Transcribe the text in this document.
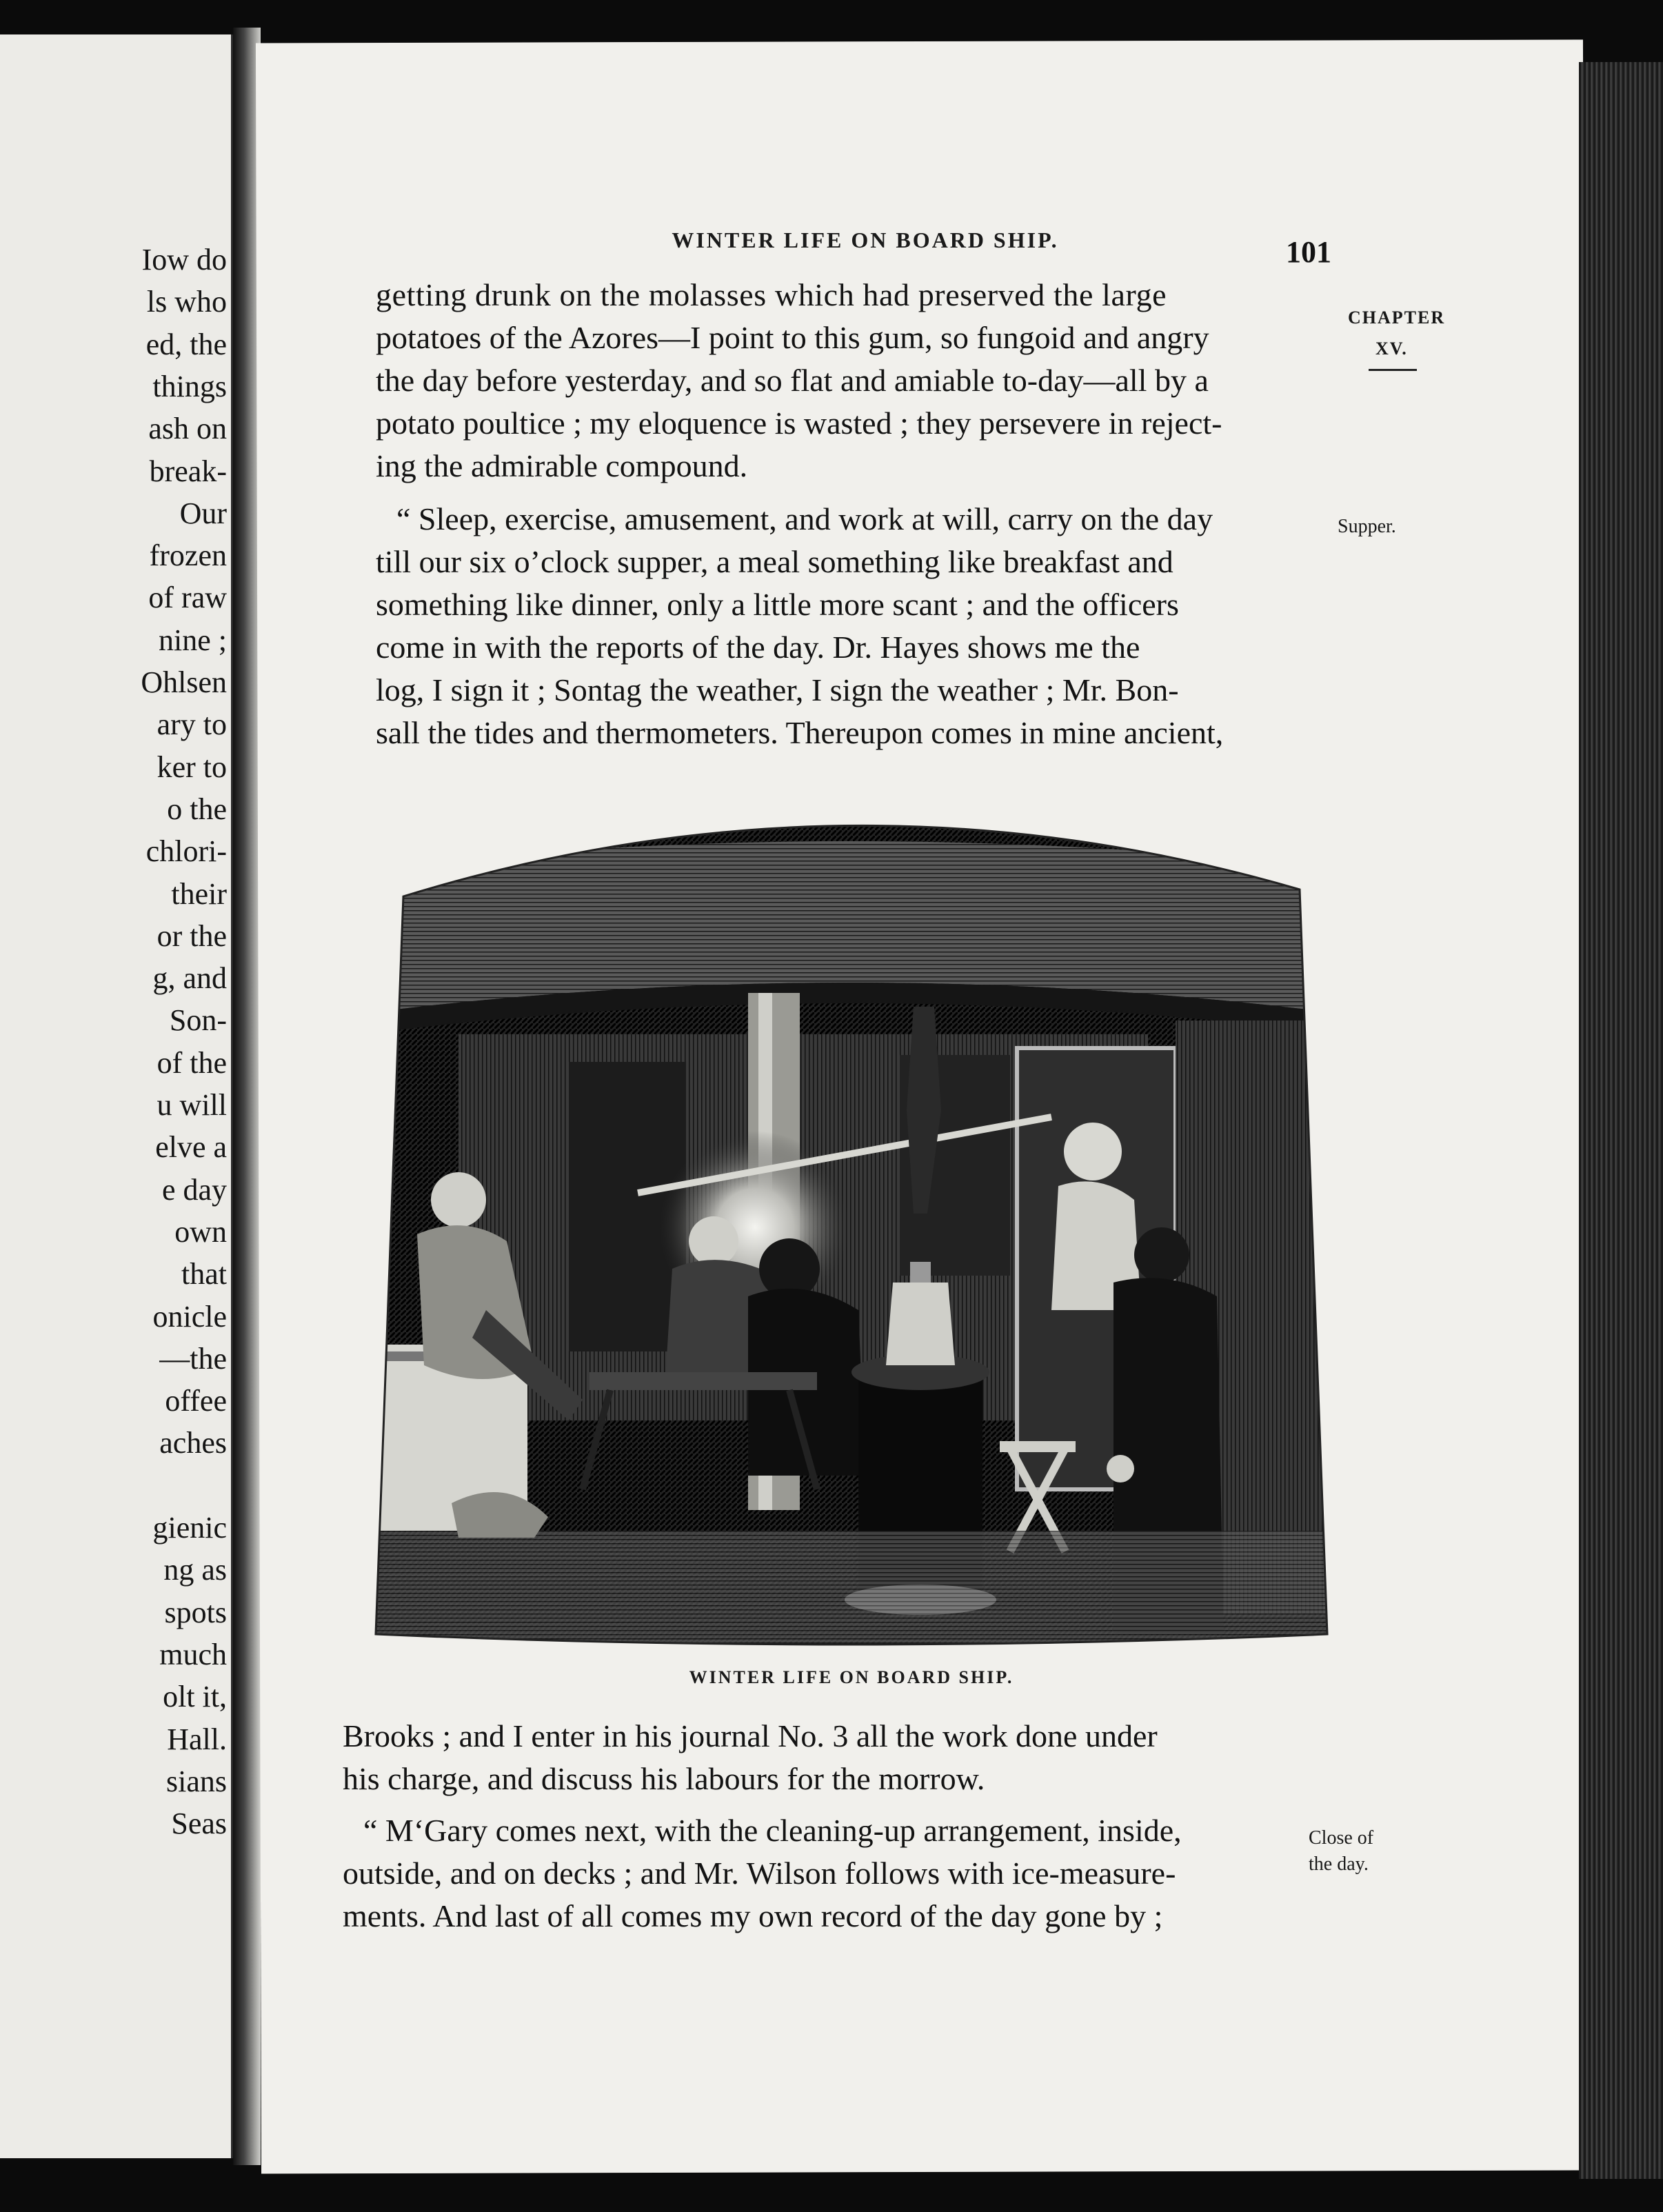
Iow do
ls who
ed, the
things
ash on
break-
Our
frozen
of raw
nine ;
Ohlsen
ary to
ker to
o the
chlori-
their
or the
g, and
Son-
of the
u will
elve a
e day
own
that
onicle
—the
offee
aches
gienic
ng as
spots
much
olt it,
Hall.
sians
Seas
WINTER LIFE ON BOARD SHIP.	101
getting drunk on the molasses which had preserved the large
potatoes of the Azores—I point to this gum, so fungoid and angry
the day before yesterday, and so flat and amiable to-day—all by a
potato poultice ; my eloquence is wasted ; they persevere in reject-
ing the admirable compound.
“ Sleep, exercise, amusement, and work at will, carry on the day
till our six o’clock supper, a meal something like breakfast and
something like dinner, only a little more scant ; and the officers
come in with the reports of the day. Dr. Hayes shows me the
log, I sign it ; Sontag the weather, I sign the weather ; Mr. Bon-
sall the tides and thermometers. Thereupon comes in mine ancient,
CHAPTER
XV.
Supper.
Close of
the day.
WINTER LIFE ON BOARD SHIP.
Brooks ; and I enter in his journal No. 3 all the work done under
his charge, and discuss his labours for the morrow.
“ M‘Gary comes next, with the cleaning-up arrangement, inside,
outside, and on decks ; and Mr. Wilson follows with ice-measure-
ments. And last of all comes my own record of the day gone by ;
